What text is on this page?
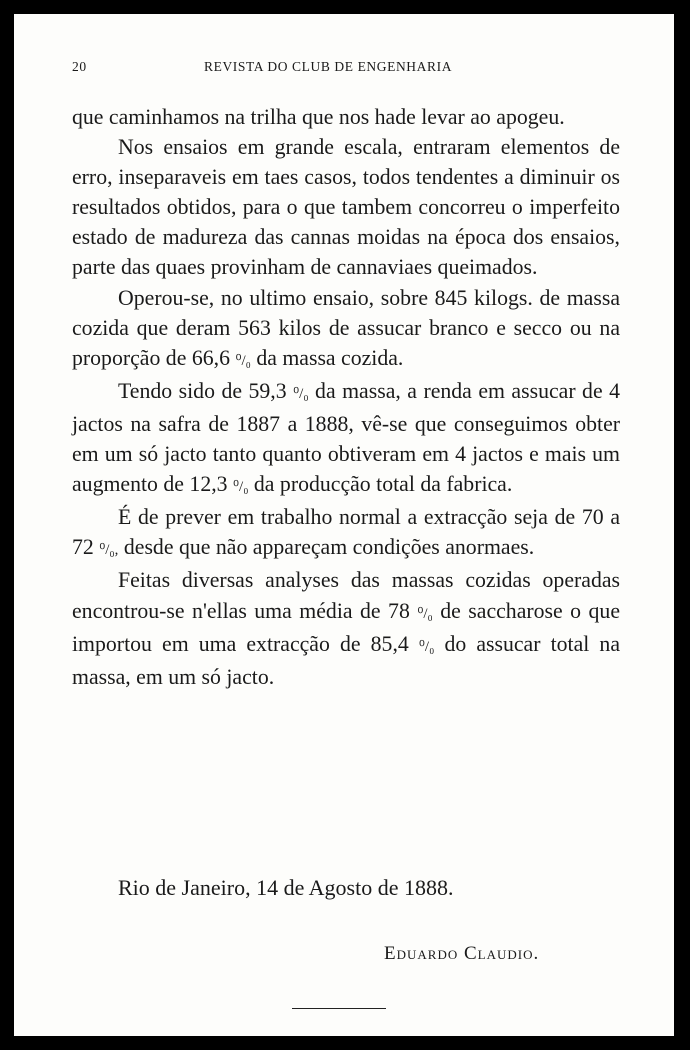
20	REVISTA DO CLUB DE ENGENHARIA

que caminhamos na trilha que nos hade levar ao apogeu.

Nos ensaios em grande escala, entraram elementos de erro, inseparaveis em taes casos, todos tendentes a diminuir os resultados obtidos, para o que tambem concorreu o imperfeito estado de madureza das cannas moidas na época dos ensaios, parte das quaes provinham de cannaviaes queimados.

Operou-se, no ultimo ensaio, sobre 845 kilogs. de massa cozida que deram 563 kilos de assucar branco e secco ou na proporção de 66,6 ⁰/₀ da massa cozida.

Tendo sido de 59,3 ⁰/₀ da massa, a renda em assucar de 4 jactos na safra de 1887 a 1888, vê-se que conseguimos obter em um só jacto tanto quanto obtiveram em 4 jactos e mais um augmento de 12,3 ⁰/₀ da producção total da fabrica.

É de prever em trabalho normal a extracção seja de 70 a 72 ⁰/₀, desde que não appareçam condições anormaes.

Feitas diversas analyses das massas cozidas operadas encontrou-se n'ellas uma média de 78 ⁰/₀ de saccharose o que importou em uma extracção de 85,4 ⁰/₀ do assucar total na massa, em um só jacto.

Rio de Janeiro, 14 de Agosto de 1888.
Eduardo Claudio.
